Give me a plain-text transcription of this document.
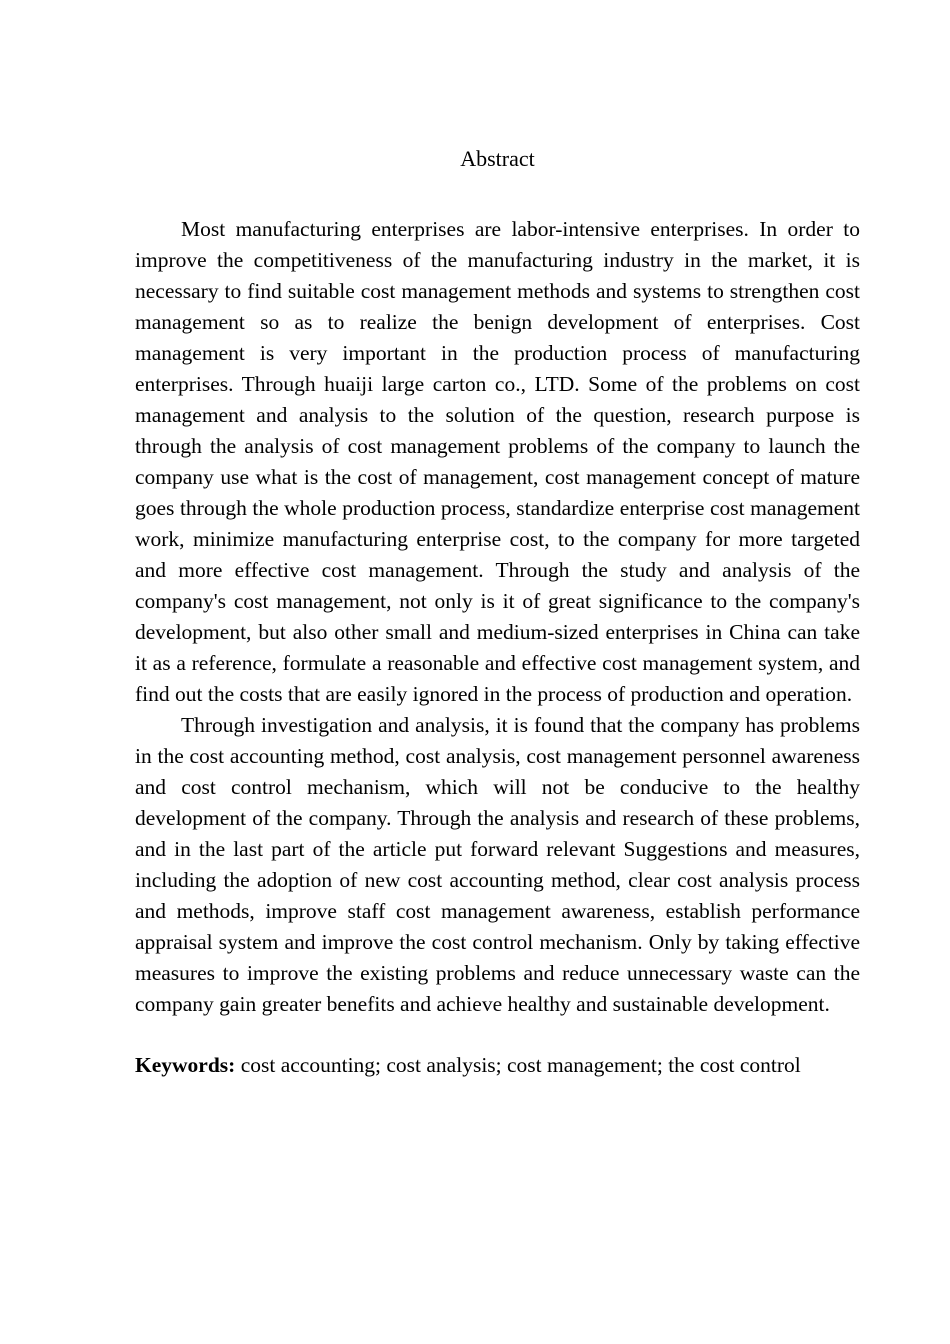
Abstract

Most manufacturing enterprises are labor-intensive enterprises. In order to improve the competitiveness of the manufacturing industry in the market, it is necessary to find suitable cost management methods and systems to strengthen cost management so as to realize the benign development of enterprises. Cost management is very important in the production process of manufacturing enterprises. Through huaiji large carton co., LTD. Some of the problems on cost management and analysis to the solution of the question, research purpose is through the analysis of cost management problems of the company to launch the company use what is the cost of management, cost management concept of mature goes through the whole production process, standardize enterprise cost management work, minimize manufacturing enterprise cost, to the company for more targeted and more effective cost management. Through the study and analysis of the company's cost management, not only is it of great significance to the company's development, but also other small and medium-sized enterprises in China can take it as a reference, formulate a reasonable and effective cost management system, and find out the costs that are easily ignored in the process of production and operation.

Through investigation and analysis, it is found that the company has problems in the cost accounting method, cost analysis, cost management personnel awareness and cost control mechanism, which will not be conducive to the healthy development of the company. Through the analysis and research of these problems, and in the last part of the article put forward relevant Suggestions and measures, including the adoption of new cost accounting method, clear cost analysis process and methods, improve staff cost management awareness, establish performance appraisal system and improve the cost control mechanism. Only by taking effective measures to improve the existing problems and reduce unnecessary waste can the company gain greater benefits and achieve healthy and sustainable development.

Keywords: cost accounting; cost analysis; cost management; the cost control
